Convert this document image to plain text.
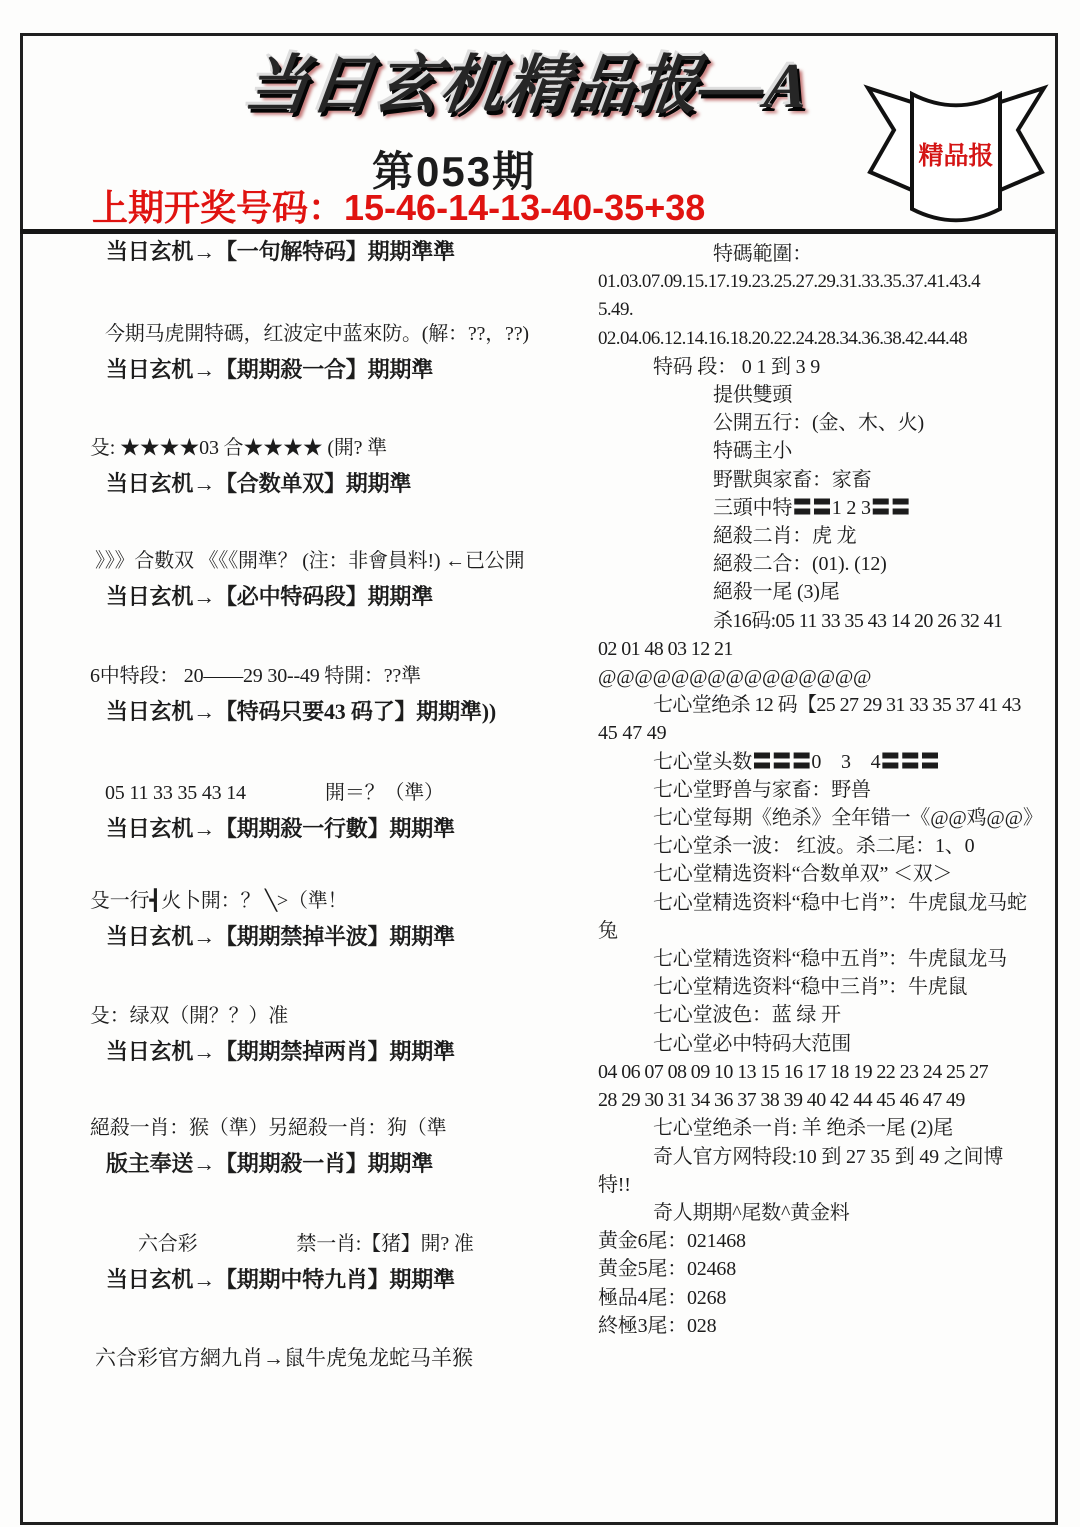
当日玄机精品报—A
第053期
上期开奖号码：15-46-14-13-40-35+38
精品报
当日玄机→【一句解特码】期期準準
今期马虎開特碼，红波定中蓝來防。(解：??，??)
当日玄机→【期期殺一合】期期準
殳: ★★★★03 合★★★★ (開? 準
当日玄机→【合数单双】期期準
》》》合數双 《《《開準？ (注：非會員料!) ←已公開
当日玄机→【必中特码段】期期準
6中特段： 20——29 30--49 特開：??準
当日玄机→【特码只要43 码了】期期準))
05 11 33 35 43 14　　　　開＝？（準）
当日玄机→【期期殺一行數】期期準
殳一行┫火卜開：？ ╲>（準！
当日玄机→【期期禁掉半波】期期準
殳：绿双（開？？）准
当日玄机→【期期禁掉两肖】期期準
絕殺一肖：猴（準）另絕殺一肖：狗（準
版主奉送→【期期殺一肖】期期準
六合彩　　　　　禁一肖:【猪】開? 准
当日玄机→【期期中特九肖】期期準
六合彩官方網九肖→鼠牛虎兔龙蛇马羊猴
特碼範圍：
01.03.07.09.15.17.19.23.25.27.29.31.33.35.37.41.43.4
5.49.
02.04.06.12.14.16.18.20.22.24.28.34.36.38.42.44.48
特码 段： 0 1 到 3 9
提供雙頭
公開五行：(金、木、火)
特碼主小
野獸與家畜：家畜
三頭中特〓〓1 2 3〓〓
絕殺二肖：虎 龙
絕殺二合：(01). (12)
絕殺一尾 (3)尾
杀16码:05 11 33 35 43 14 20 26 32 41
02 01 48 03 12 21
@@@@@@@@@@@@@@@
七心堂绝杀 12 码【25 27 29 31 33 35 37 41 43
45 47 49
七心堂头数〓〓〓0　3　4〓〓〓
七心堂野兽与家畜：野兽
七心堂每期《绝杀》全年错一《@@鸡@@》
七心堂杀一波： 红波。杀二尾：1、0
七心堂精选资料“合数单双” ＜双＞
七心堂精选资料“稳中七肖”：牛虎鼠龙马蛇
兔
七心堂精选资料“稳中五肖”：牛虎鼠龙马
七心堂精选资料“稳中三肖”：牛虎鼠
七心堂波色：蓝 绿 开
七心堂必中特码大范围
04 06 07 08 09 10 13 15 16 17 18 19 22 23 24 25 27
28 29 30 31 34 36 37 38 39 40 42 44 45 46 47 49
七心堂绝杀一肖: 羊 绝杀一尾 (2)尾
奇人官方网特段:10 到 27 35 到 49 之间博
特!!
奇人期期^尾数^黄金料
黄金6尾：021468
黄金5尾：02468
極品4尾：0268
終極3尾：028
